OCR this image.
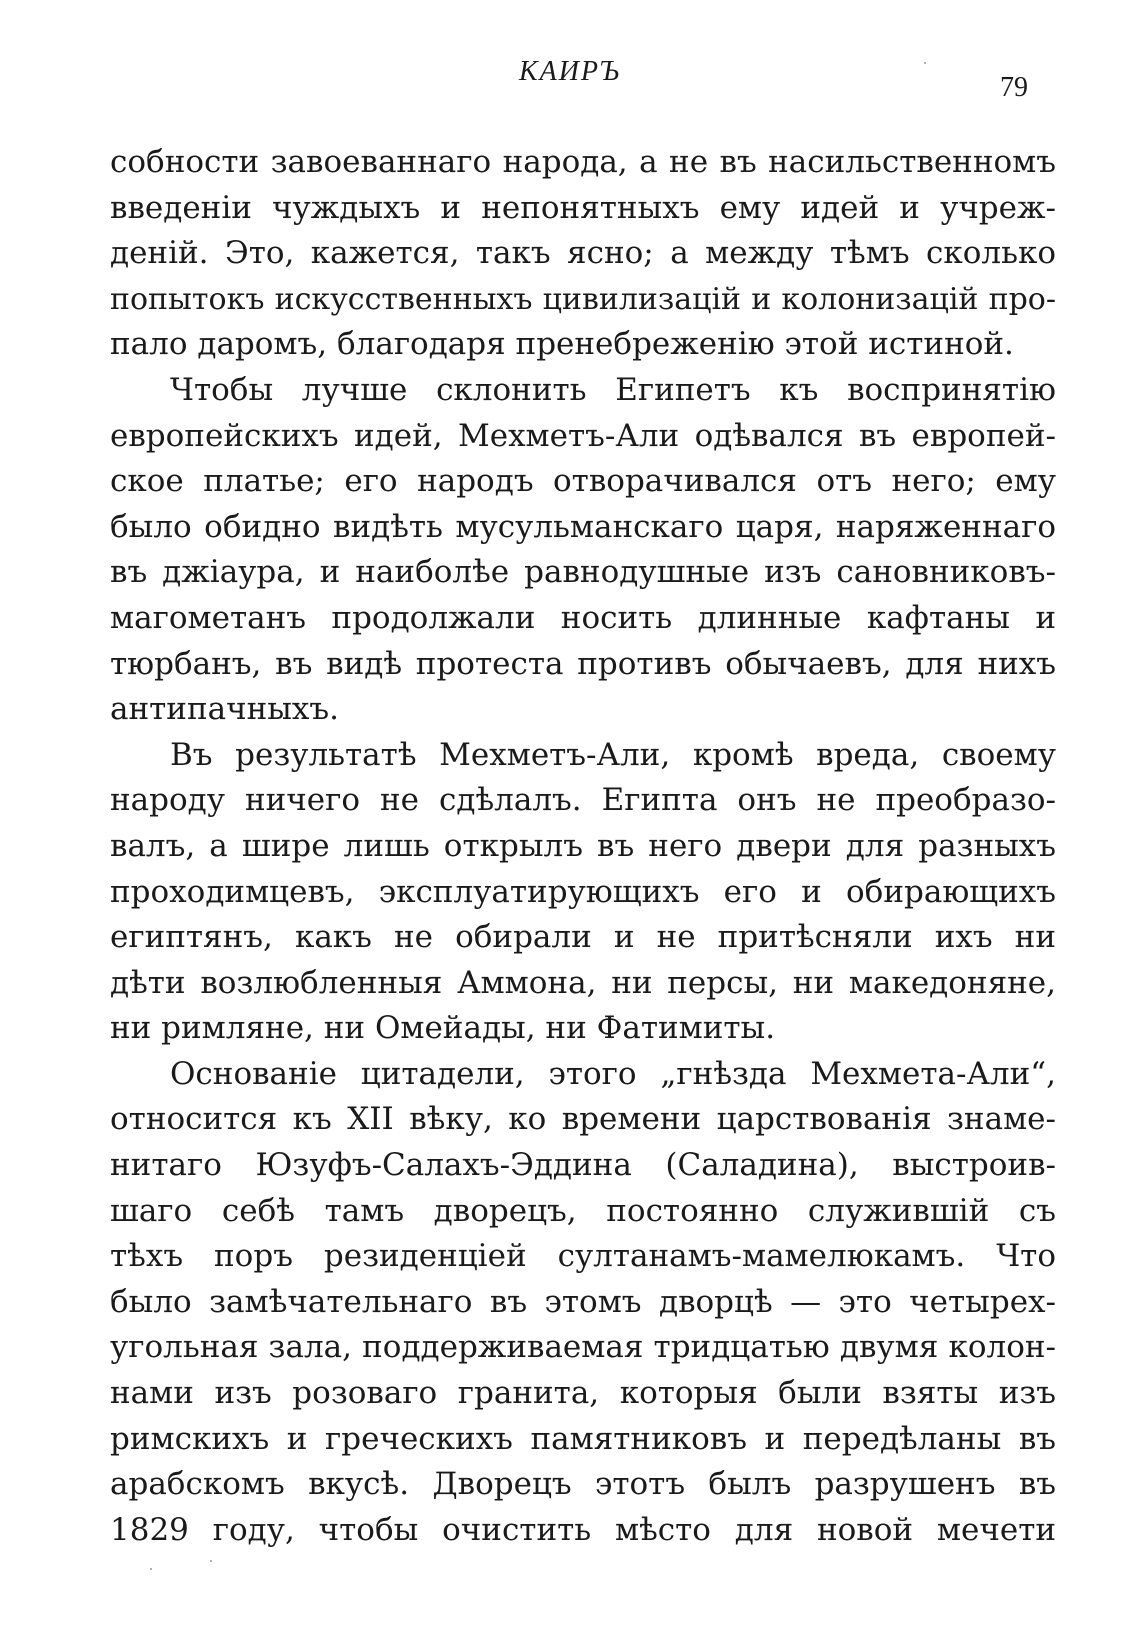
КАИРЪ
79
собности завоеваннаго народа, а не въ насильственномъ
введеніи чуждыхъ и непонятныхъ ему идей и учреж-
деній. Это, кажется, такъ ясно; а между тѣмъ сколько
попытокъ искусственныхъ цивилизацій и колонизацій про-
пало даромъ, благодаря пренебреженію этой истиной.
Чтобы лучше склонить Египетъ къ воспринятію
европейскихъ идей, Мехметъ-Али одѣвался въ европей-
ское платье; его народъ отворачивался отъ него; ему
было обидно видѣть мусульманскаго царя, наряженнаго
въ джіаура, и наиболѣе равнодушные изъ сановниковъ-
магометанъ продолжали носить длинные кафтаны и
тюрбанъ, въ видѣ протеста противъ обычаевъ, для нихъ
антипачныхъ.
Въ результатѣ Мехметъ-Али, кромѣ вреда, своему
народу ничего не сдѣлалъ. Египта онъ не преобразо-
валъ, а шире лишь открылъ въ него двери для разныхъ
проходимцевъ, эксплуатирующихъ его и обирающихъ
египтянъ, какъ не обирали и не притѣсняли ихъ ни
дѣти возлюбленныя Аммона, ни персы, ни македоняне,
ни римляне, ни Омейады, ни Фатимиты.
Основаніе цитадели, этого „гнѣзда Мехмета-Али“,
относится къ XII вѣку, ко времени царствованія знаме-
нитаго Юзуфъ-Салахъ-Эддина (Саладина), выстроив-
шаго себѣ тамъ дворецъ, постоянно служившій съ
тѣхъ поръ резиденціей султанамъ-мамелюкамъ. Что
было замѣчательнаго въ этомъ дворцѣ — это четырех-
угольная зала, поддерживаемая тридцатью двумя колон-
нами изъ розоваго гранита, которыя были взяты изъ
римскихъ и греческихъ памятниковъ и передѣланы въ
арабскомъ вкусѣ. Дворецъ этотъ былъ разрушенъ въ
1829 году, чтобы очистить мѣсто для новой мечети
